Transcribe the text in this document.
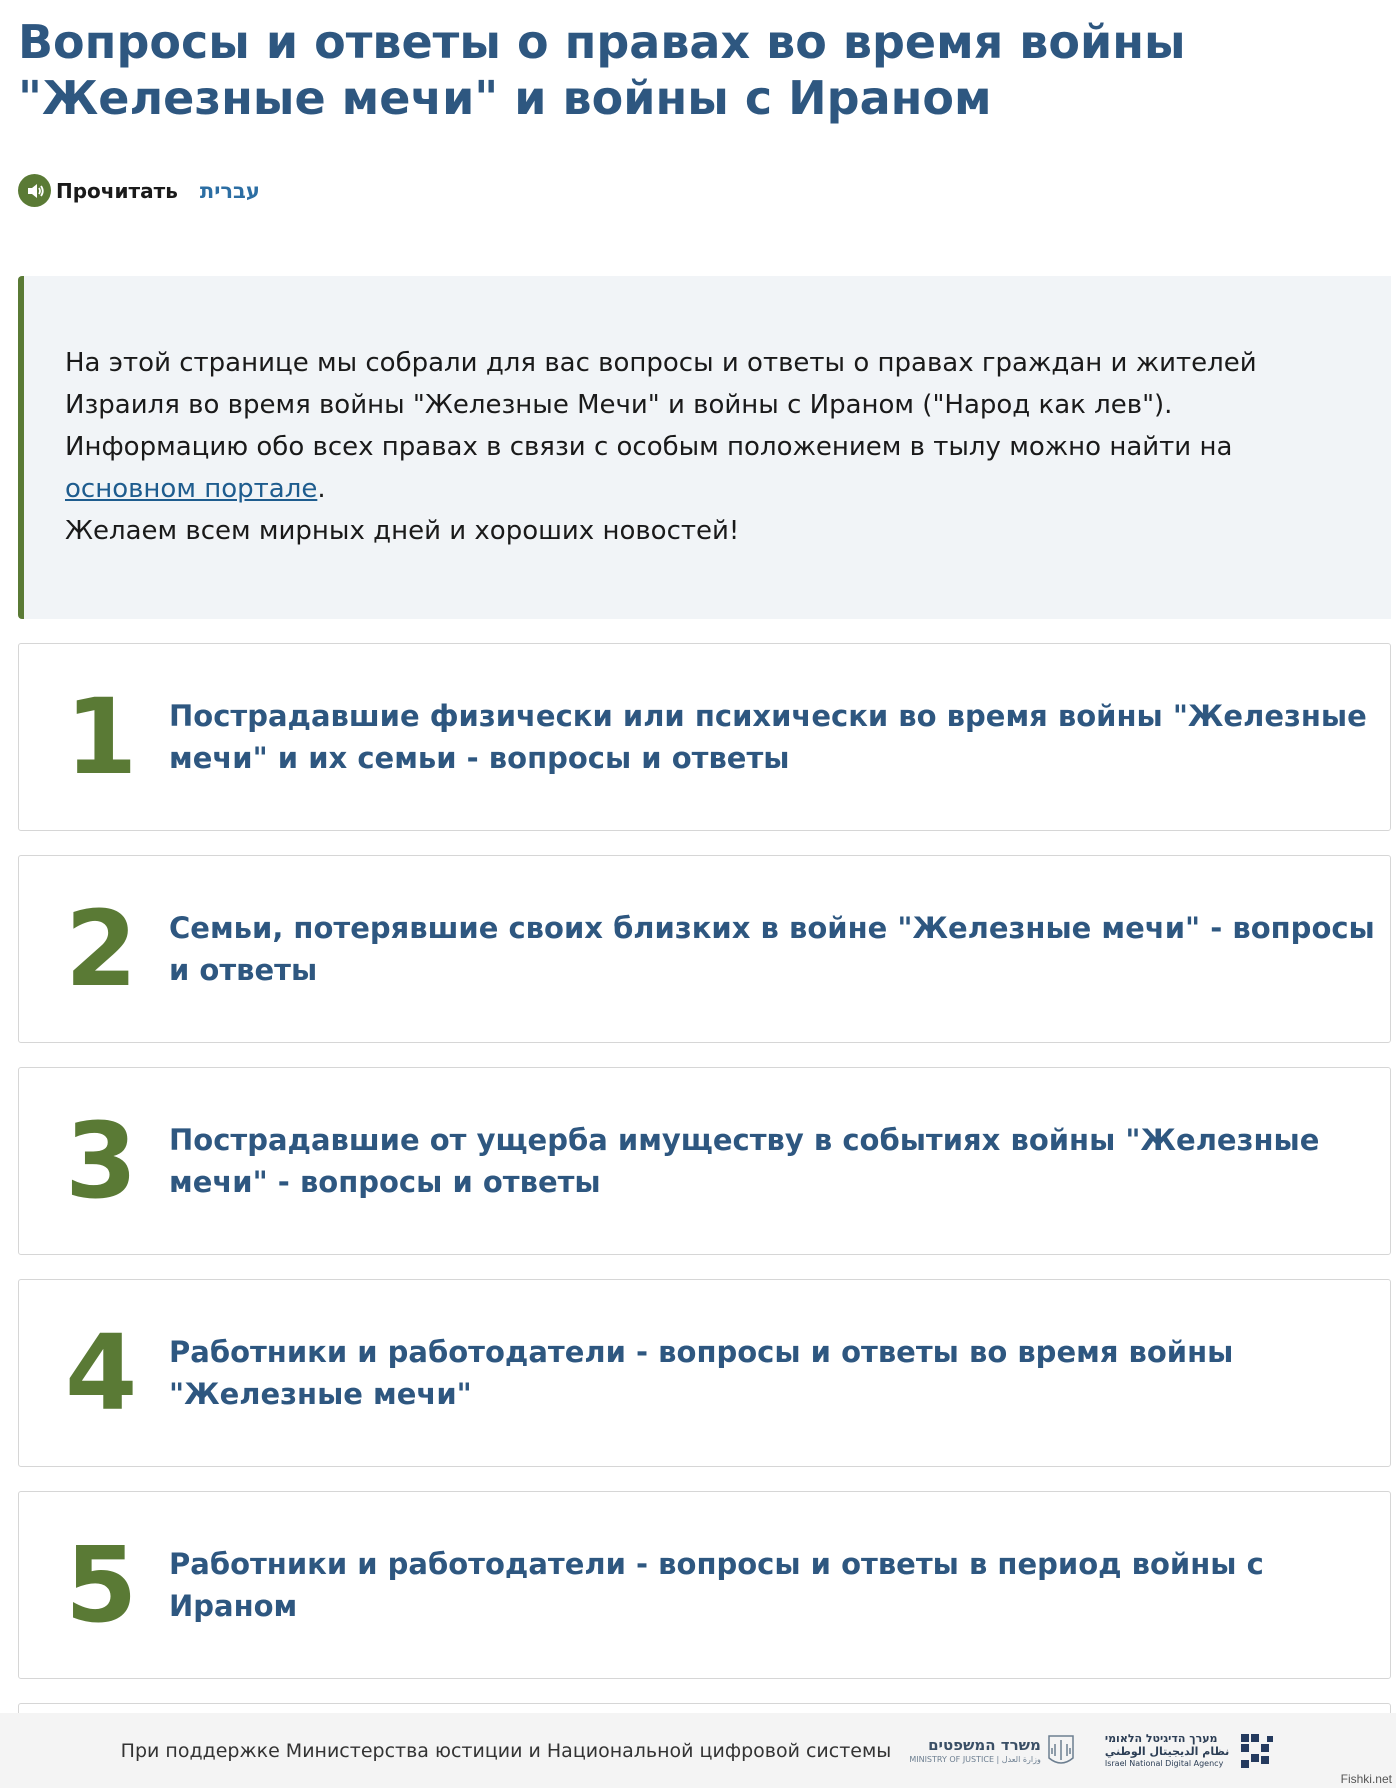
Вопросы и ответы о правах во время войны "Железные мечи" и войны с Ираном
Прочитать עברית

На этой странице мы собрали для вас вопросы и ответы о правах граждан и жителей Израиля во время войны "Железные Мечи" и войны с Ираном ("Народ как лев"). Информацию обо всех правах в связи с особым положением в тылу можно найти на основном портале.
Желаем всем мирных дней и хороших новостей!

1 Пострадавшие физически или психически во время войны "Железные мечи" и их семьи - вопросы и ответы
2 Семьи, потерявшие своих близких в войне "Железные мечи" - вопросы и ответы
3 Пострадавшие от ущерба имуществу в событиях войны "Железные мечи" - вопросы и ответы
4 Работники и работодатели - вопросы и ответы во время войны "Железные мечи"
5 Работники и работодатели - вопросы и ответы в период войны с Ираном
При поддержке Министерства юстиции и Национальной цифровой системы	משרד המשפטים
MINISTRY OF JUSTICE | وزارة العدل
מערך הדיגיטל הלאומי
نظام الديجيتال الوطني
Israel National Digital Agency
Fishki.net
